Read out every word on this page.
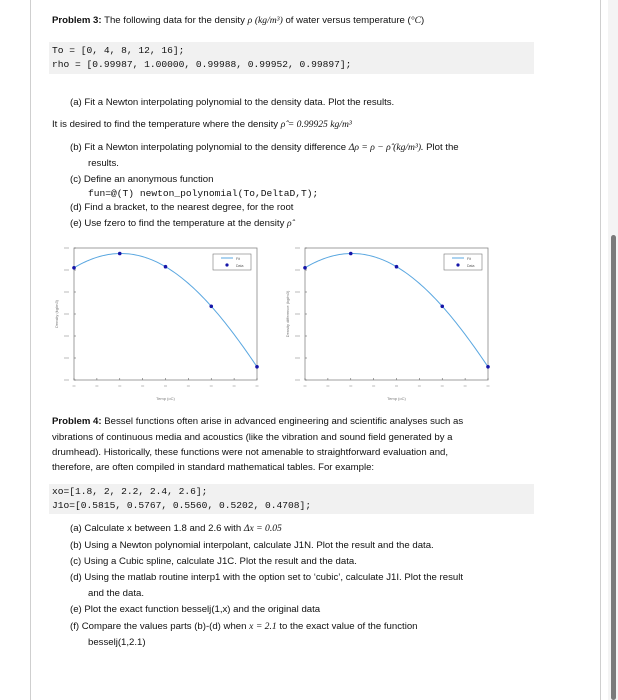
Problem 3: The following data for the density ρ (kg/m³) of water versus temperature (°C)
To = [0, 4, 8, 12, 16];
rho = [0.99987, 1.00000, 0.99988, 0.99952, 0.99897];
(a) Fit a Newton interpolating polynomial to the density data. Plot the results.
It is desired to find the temperature where the density ρ̂ = 0.99925 kg/m³
(b) Fit a Newton interpolating polynomial to the density difference Δρ = ρ − ρ̂ (kg/m³). Plot the
results.
(c) Define an anonymous function
fun=@(T) newton_polynomial(To,DeltaD,T);
(d) Find a bracket, to the nearest degree, for the root
(e) Use fzero to find the temperature at the density ρ̂
Fit
Data
Temp (oC)
Density (kg/m3)
Fit
Data
Temp (oC)
Density difference (kg/m3)
Problem 4: Bessel functions often arise in advanced engineering and scientific analyses such as
vibrations of continuous media and acoustics (like the vibration and sound field generated by a
drumhead). Historically, these functions were not amenable to straightforward evaluation and,
therefore, are often compiled in standard mathematical tables. For example:
xo=[1.8, 2, 2.2, 2.4, 2.6];
J1o=[0.5815, 0.5767, 0.5560, 0.5202, 0.4708];
(a) Calculate x between 1.8 and 2.6 with Δx = 0.05
(b) Using a Newton polynomial interpolant, calculate J1N. Plot the result and the data.
(c) Using a Cubic spline, calculate J1C. Plot the result and the data.
(d) Using the matlab routine interp1 with the option set to ‘cubic’, calculate J1I. Plot the result
and the data.
(e) Plot the exact function besselj(1,x) and the original data
(f) Compare the values parts (b)-(d) when x = 2.1 to the exact value of the function
besselj(1,2.1)
